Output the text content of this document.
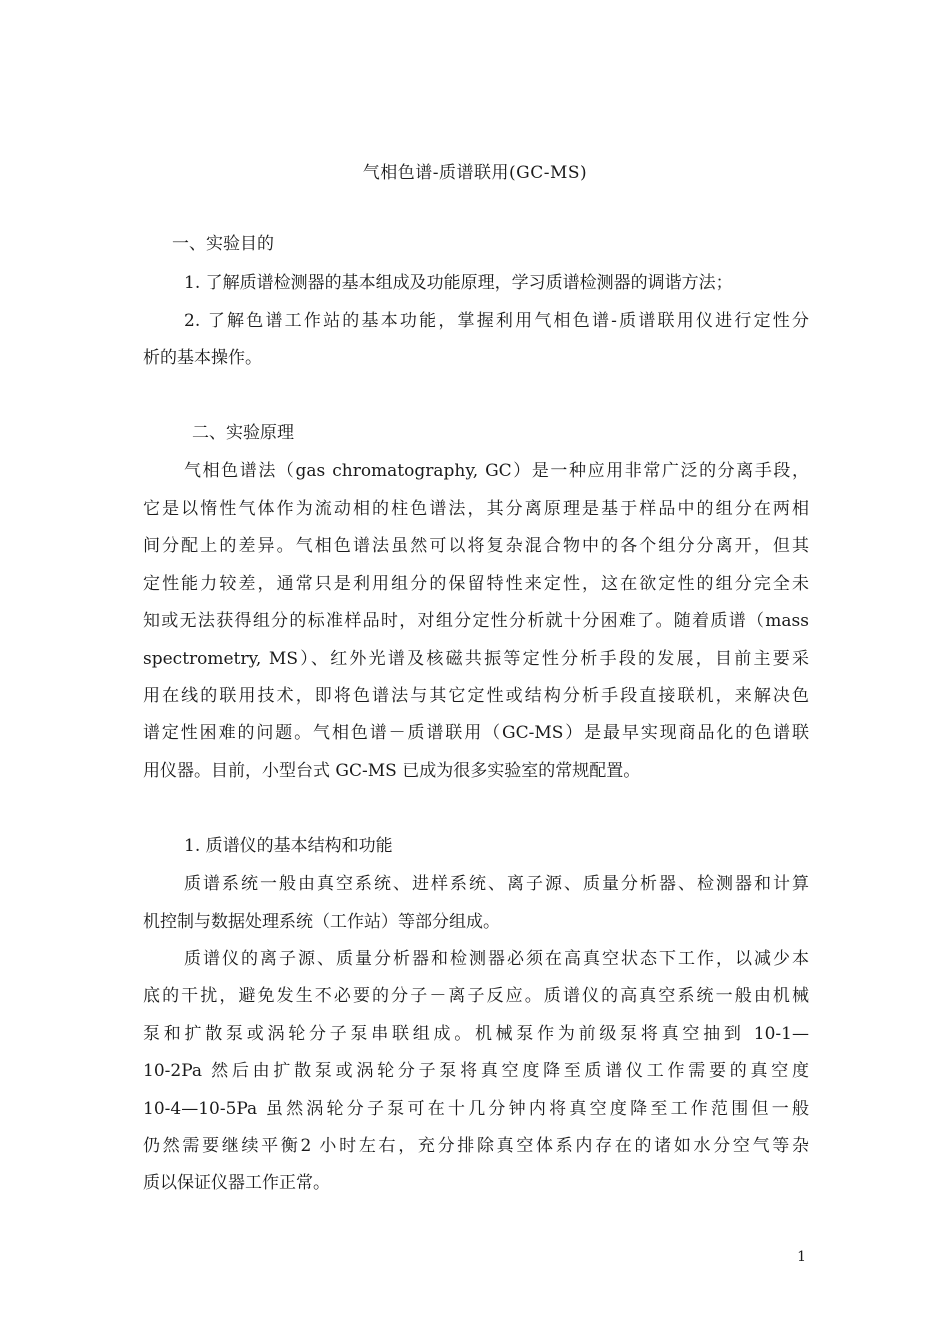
气相色谱-质谱联用(GC-MS)
一、实验目的
1. 了解质谱检测器的基本组成及功能原理，学习质谱检测器的调谐方法；
2. 了解色谱工作站的基本功能，掌握利用气相色谱-质谱联用仪进行定性分
析的基本操作。
二、实验原理
气相色谱法（gas chromatography, GC）是一种应用非常广泛的分离手段，
它是以惰性气体作为流动相的柱色谱法，其分离原理是基于样品中的组分在两相
间分配上的差异。气相色谱法虽然可以将复杂混合物中的各个组分分离开，但其
定性能力较差，通常只是利用组分的保留特性来定性，这在欲定性的组分完全未
知或无法获得组分的标准样品时，对组分定性分析就十分困难了。随着质谱（mass
spectrometry, MS）、红外光谱及核磁共振等定性分析手段的发展，目前主要采
用在线的联用技术，即将色谱法与其它定性或结构分析手段直接联机，来解决色
谱定性困难的问题。气相色谱－质谱联用（GC-MS）是最早实现商品化的色谱联
用仪器。目前，小型台式 GC-MS 已成为很多实验室的常规配置。
1. 质谱仪的基本结构和功能
质谱系统一般由真空系统、进样系统、离子源、质量分析器、检测器和计算
机控制与数据处理系统（工作站）等部分组成。
质谱仪的离子源、质量分析器和检测器必须在高真空状态下工作，以减少本
底的干扰，避免发生不必要的分子－离子反应。质谱仪的高真空系统一般由机械
泵和扩散泵或涡轮分子泵串联组成。机械泵作为前级泵将真空抽到 10-1—
10-2Pa 然后由扩散泵或涡轮分子泵将真空度降至质谱仪工作需要的真空度
10-4—10-5Pa 虽然涡轮分子泵可在十几分钟内将真空度降至工作范围但一般
仍然需要继续平衡2 小时左右，充分排除真空体系内存在的诸如水分空气等杂
质以保证仪器工作正常。
1
